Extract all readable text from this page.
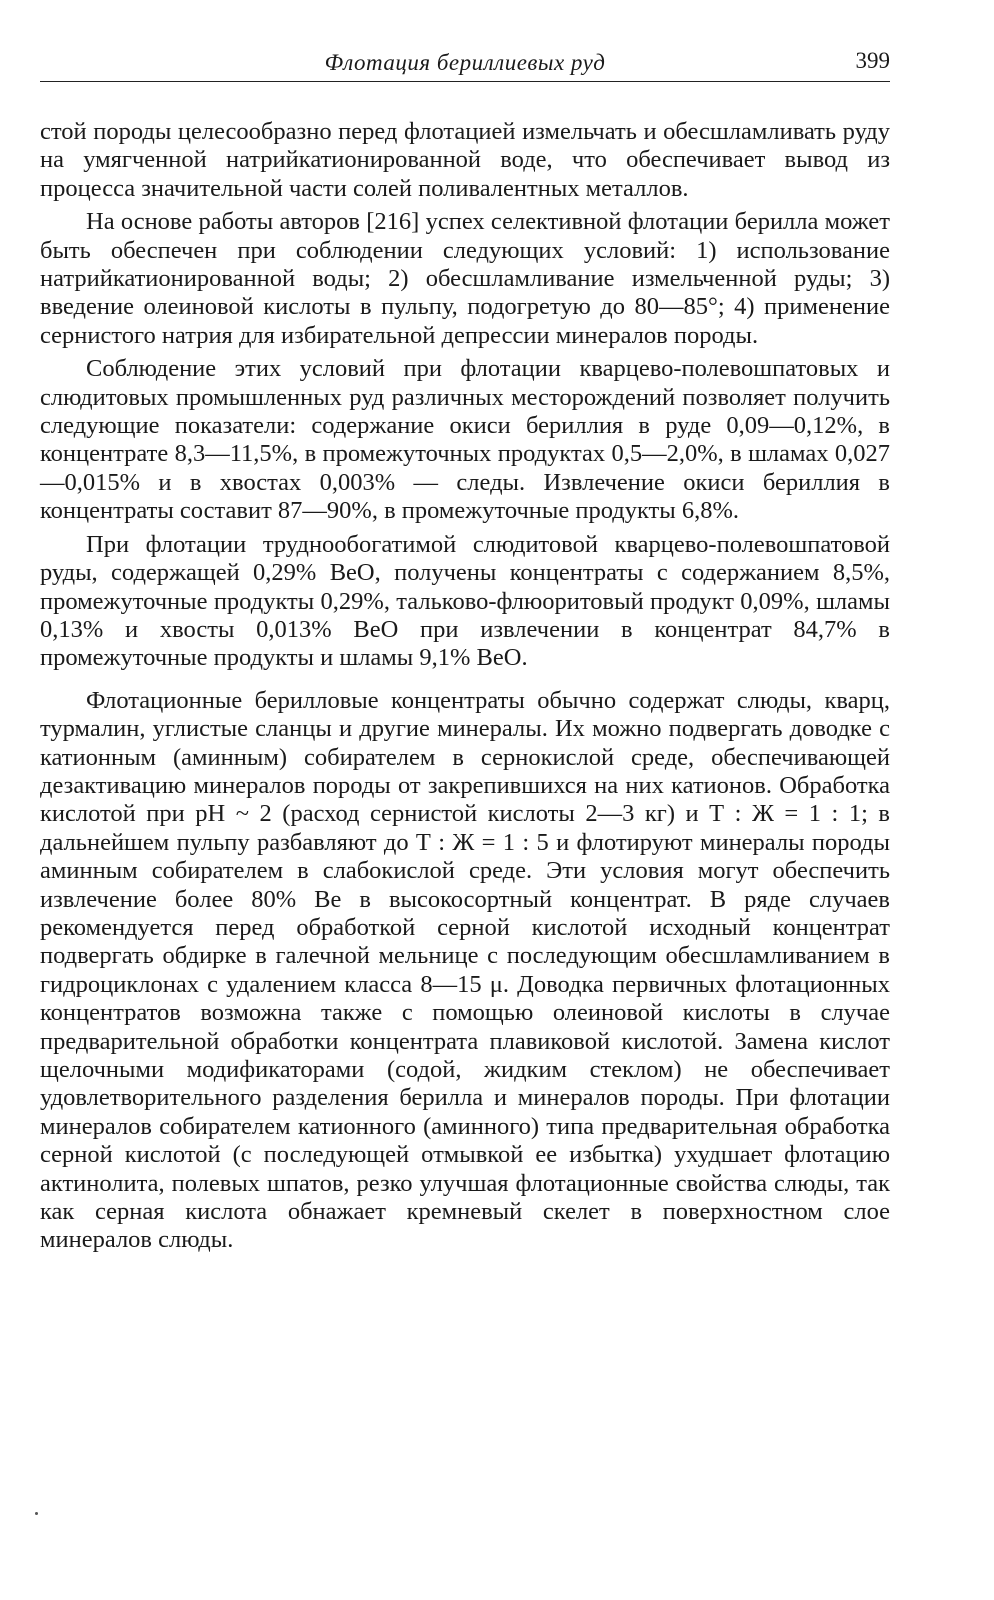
Флотация бериллиевых руд	399

стой породы целесообразно перед флотацией измельчать и обесшламливать руду на умягченной натрийкатионированной воде, что обеспечивает вывод из процесса значительной части солей поливалентных металлов.

На основе работы авторов [216] успех селективной флотации берилла может быть обеспечен при соблюдении следующих условий: 1) использование натрийкатионированной воды; 2) обесшламливание измельченной руды; 3) введение олеиновой кислоты в пульпу, подогретую до 80—85°; 4) применение сернистого натрия для избирательной депрессии минералов породы.

Соблюдение этих условий при флотации кварцево-полевошпатовых и слюдитовых промышленных руд различных месторождений позволяет получить следующие показатели: содержание окиси бериллия в руде 0,09—0,12%, в концентрате 8,3—11,5%, в промежуточных продуктах 0,5—2,0%, в шламах 0,027—0,015% и в хвостах 0,003% — следы. Извлечение окиси бериллия в концентраты составит 87—90%, в промежуточные продукты 6,8%.

При флотации труднообогатимой слюдитовой кварцево-полевошпатовой руды, содержащей 0,29% BeO, получены концентраты с содержанием 8,5%, промежуточные продукты 0,29%, тальково-флюоритовый продукт 0,09%, шламы 0,13% и хвосты 0,013% BeO при извлечении в концентрат 84,7% в промежуточные продукты и шламы 9,1% BeO.

Флотационные берилловые концентраты обычно содержат слюды, кварц, турмалин, углистые сланцы и другие минералы. Их можно подвергать доводке с катионным (аминным) собирателем в сернокислой среде, обеспечивающей дезактивацию минералов породы от закрепившихся на них катионов. Обработка кислотой при pH ~ 2 (расход сернистой кислоты 2—3 кг) и Т : Ж = 1 : 1; в дальнейшем пульпу разбавляют до Т : Ж = 1 : 5 и флотируют минералы породы аминным собирателем в слабокислой среде. Эти условия могут обеспечить извлечение более 80% Be в высокосортный концентрат. В ряде случаев рекомендуется перед обработкой серной кислотой исходный концентрат подвергать обдирке в галечной мельнице с последующим обесшламливанием в гидроциклонах с удалением класса 8—15 μ. Доводка первичных флотационных концентратов возможна также с помощью олеиновой кислоты в случае предварительной обработки концентрата плавиковой кислотой. Замена кислот щелочными модификаторами (содой, жидким стеклом) не обеспечивает удовлетворительного разделения берилла и минералов породы. При флотации минералов собирателем катионного (аминного) типа предварительная обработка серной кислотой (с последующей отмывкой ее избытка) ухудшает флотацию актинолита, полевых шпатов, резко улучшая флотационные свойства слюды, так как серная кислота обнажает кремневый скелет в поверхностном слое минералов слюды.
